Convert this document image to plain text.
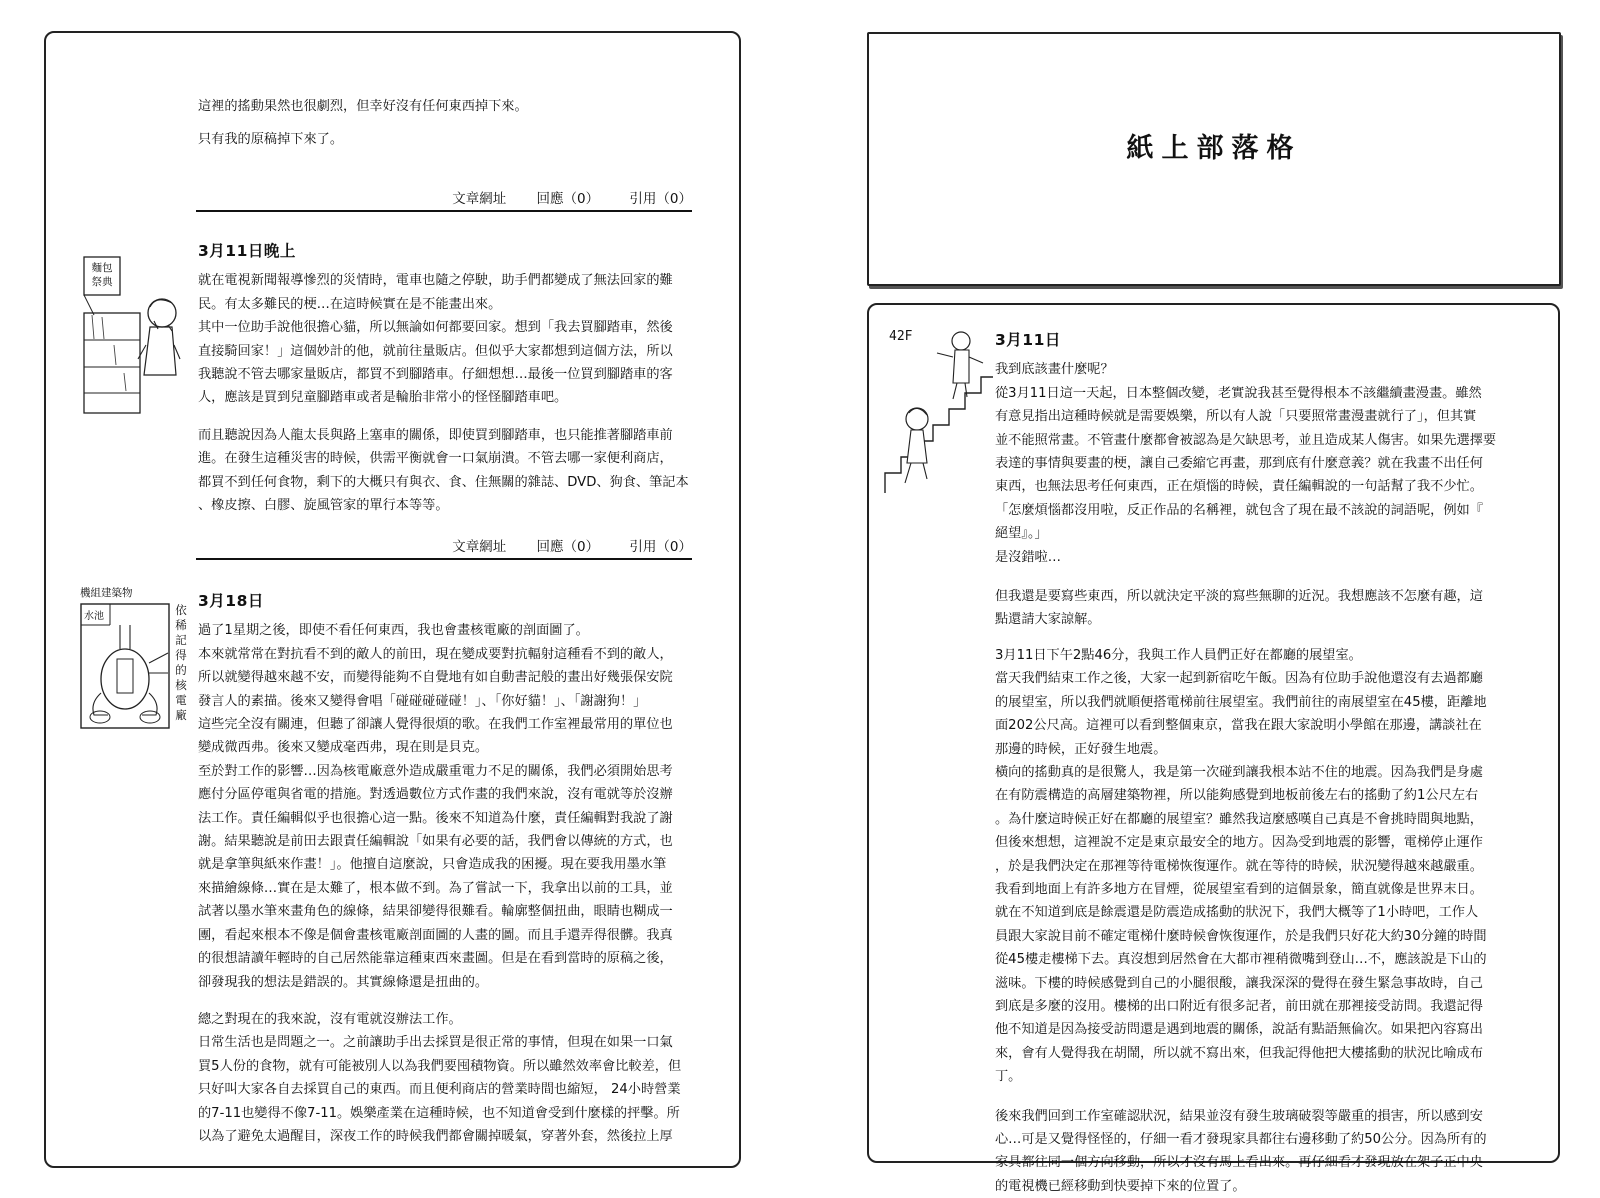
這裡的搖動果然也很劇烈，但幸好沒有任何東西掉下來。

只有我的原稿掉下來了。

文章網址 回應（0） 引用（0）
麵包
祭典
3月11日晚上

就在電視新聞報導慘烈的災情時，電車也隨之停駛，助手們都變成了無法回家的難
民。有太多難民的梗…在這時候實在是不能畫出來。
其中一位助手說他很擔心貓，所以無論如何都要回家。想到「我去買腳踏車，然後
直接騎回家！」這個妙計的他，就前往量販店。但似乎大家都想到這個方法，所以
我聽說不管去哪家量販店，都買不到腳踏車。仔細想想…最後一位買到腳踏車的客
人，應該是買到兒童腳踏車或者是輪胎非常小的怪怪腳踏車吧。

而且聽說因為人龍太長與路上塞車的關係，即使買到腳踏車，也只能推著腳踏車前
進。在發生這種災害的時候，供需平衡就會一口氣崩潰。不管去哪一家便利商店，
都買不到任何食物，剩下的大概只有與衣、食、住無關的雜誌、DVD、狗食、筆記本
、橡皮擦、白膠、旋風管家的單行本等等。

文章網址 回應（0） 引用（0）
機組建築物
水池	依稀記得的核電廠
3月18日

過了1星期之後，即使不看任何東西，我也會畫核電廠的剖面圖了。
本來就常常在對抗看不到的敵人的前田，現在變成要對抗輻射這種看不到的敵人，
所以就變得越來越不安，而變得能夠不自覺地有如自動書記般的畫出好幾張保安院
發言人的素描。後來又變得會唱「碰碰碰碰碰！」、「你好貓！」、「謝謝狗！」
這些完全沒有關連，但聽了卻讓人覺得很煩的歌。在我們工作室裡最常用的單位也
變成微西弗。後來又變成毫西弗，現在則是貝克。
至於對工作的影響…因為核電廠意外造成嚴重電力不足的關係，我們必須開始思考
應付分區停電與省電的措施。對透過數位方式作畫的我們來說，沒有電就等於沒辦
法工作。責任編輯似乎也很擔心這一點。後來不知道為什麼，責任編輯對我說了謝
謝。結果聽說是前田去跟責任編輯說「如果有必要的話，我們會以傳統的方式，也
就是拿筆與紙來作畫！」。他擅自這麼說，只會造成我的困擾。現在要我用墨水筆
來描繪線條…實在是太難了，根本做不到。為了嘗試一下，我拿出以前的工具，並
試著以墨水筆來畫角色的線條，結果卻變得很難看。輪廓整個扭曲，眼睛也糊成一
團，看起來根本不像是個會畫核電廠剖面圖的人畫的圖。而且手還弄得很髒。我真
的很想請讀年輕時的自己居然能靠這種東西來畫圖。但是在看到當時的原稿之後，
卻發現我的想法是錯誤的。其實線條還是扭曲的。

總之對現在的我來說，沒有電就沒辦法工作。
日常生活也是問題之一。之前讓助手出去採買是很正常的事情，但現在如果一口氣
買5人份的食物，就有可能被別人以為我們要囤積物資。所以雖然效率會比較差，但
只好叫大家各自去採買自己的東西。而且便利商店的營業時間也縮短， 24小時營業
的7-11也變得不像7-11。娛樂產業在這種時候，也不知道會受到什麼樣的抨擊。所
以為了避免太過醒目，深夜工作的時候我們都會關掉暖氣，穿著外套，然後拉上厚

紙上部落格
42F	3月11日

我到底該畫什麼呢？
從3月11日這一天起，日本整個改變，老實說我甚至覺得根本不該繼續畫漫畫。雖然
有意見指出這種時候就是需要娛樂，所以有人說「只要照常畫漫畫就行了」，但其實
並不能照常畫。不管畫什麼都會被認為是欠缺思考，並且造成某人傷害。如果先選擇要
表達的事情與要畫的梗，讓自己委縮它再畫，那到底有什麼意義？就在我畫不出任何
東西，也無法思考任何東西，正在煩惱的時候，責任編輯說的一句話幫了我不少忙。
「怎麼煩惱都沒用啦，反正作品的名稱裡，就包含了現在最不該說的詞語呢，例如『
絕望』。」
是沒錯啦…

但我還是要寫些東西，所以就決定平淡的寫些無聊的近況。我想應該不怎麼有趣，這
點還請大家諒解。

3月11日下午2點46分，我與工作人員們正好在都廳的展望室。
當天我們結束工作之後，大家一起到新宿吃午飯。因為有位助手說他還沒有去過都廳
的展望室，所以我們就順便搭電梯前往展望室。我們前往的南展望室在45樓，距離地
面202公尺高。這裡可以看到整個東京，當我在跟大家說明小學館在那邊，講談社在
那邊的時候，正好發生地震。
橫向的搖動真的是很驚人，我是第一次碰到讓我根本站不住的地震。因為我們是身處
在有防震構造的高層建築物裡，所以能夠感覺到地板前後左右的搖動了約1公尺左右
。為什麼這時候正好在都廳的展望室？雖然我這麼感嘆自己真是不會挑時間與地點，
但後來想想，這裡說不定是東京最安全的地方。因為受到地震的影響，電梯停止運作
，於是我們決定在那裡等待電梯恢復運作。就在等待的時候，狀況變得越來越嚴重。
我看到地面上有許多地方在冒煙，從展望室看到的這個景象，簡直就像是世界末日。
就在不知道到底是餘震還是防震造成搖動的狀況下，我們大概等了1小時吧，工作人
員跟大家說目前不確定電梯什麼時候會恢復運作，於是我們只好花大約30分鐘的時間
從45樓走樓梯下去。真沒想到居然會在大都市裡稍微嘴到登山…不，應該說是下山的
滋味。下樓的時候感覺到自己的小腿很酸，讓我深深的覺得在發生緊急事故時，自己
到底是多麼的沒用。樓梯的出口附近有很多記者，前田就在那裡接受訪問。我還記得
他不知道是因為接受訪問還是遇到地震的關係，說話有點語無倫次。如果把內容寫出
來，會有人覺得我在胡鬧，所以就不寫出來，但我記得他把大樓搖動的狀況比喻成布
丁。

後來我們回到工作室確認狀況，結果並沒有發生玻璃破裂等嚴重的損害，所以感到安
心…可是又覺得怪怪的，仔細一看才發現家具都往右邊移動了約50公分。因為所有的
家具都往同一個方向移動，所以才沒有馬上看出來。再仔細看才發現放在架子正中央
的電視機已經移動到快要掉下來的位置了。
